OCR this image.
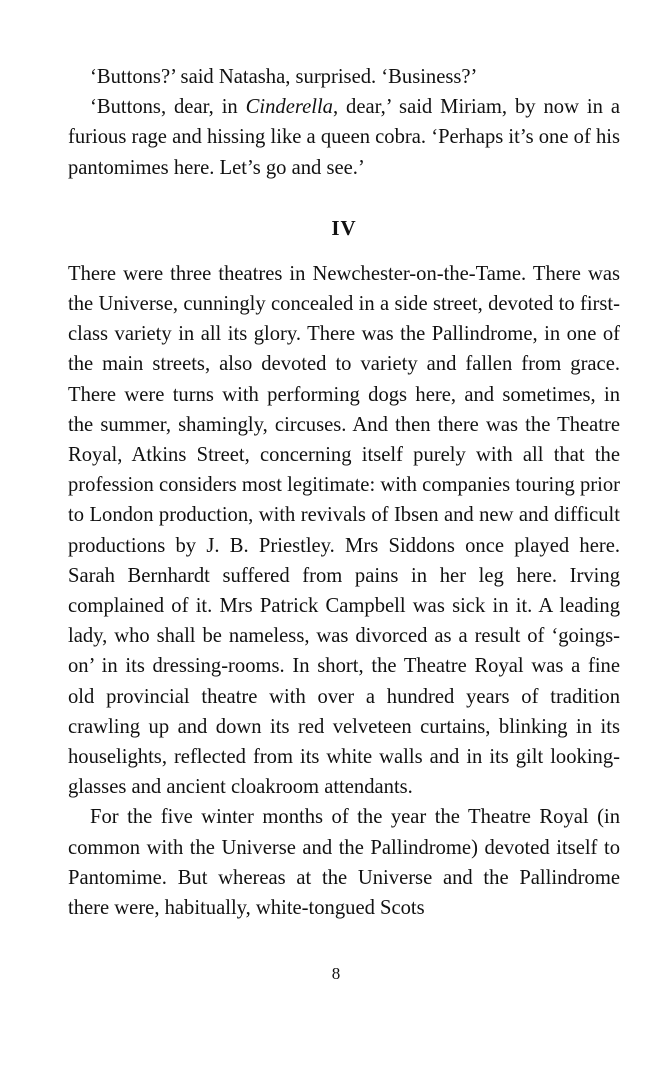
‘Buttons?’ said Natasha, surprised. ‘Business?’

‘Buttons, dear, in Cinderella, dear,’ said Miriam, by now in a furious rage and hissing like a queen cobra. ‘Perhaps it’s one of his pantomimes here. Let’s go and see.’

IV

There were three theatres in Newchester-on-the-Tame. There was the Universe, cunningly concealed in a side street, devoted to first-class variety in all its glory. There was the Pallindrome, in one of the main streets, also devoted to variety and fallen from grace. There were turns with performing dogs here, and sometimes, in the summer, shamingly, circuses. And then there was the Theatre Royal, Atkins Street, concerning itself purely with all that the profession considers most legitimate: with companies touring prior to London production, with revivals of Ibsen and new and difficult productions by J. B. Priestley. Mrs Siddons once played here. Sarah Bernhardt suffered from pains in her leg here. Irving complained of it. Mrs Patrick Campbell was sick in it. A leading lady, who shall be nameless, was divorced as a result of ‘goings-on’ in its dressing-rooms. In short, the Theatre Royal was a fine old provincial theatre with over a hundred years of tradition crawling up and down its red velveteen curtains, blinking in its houselights, reflected from its white walls and in its gilt looking-glasses and ancient cloakroom attendants.

For the five winter months of the year the Theatre Royal (in common with the Universe and the Pallindrome) devoted itself to Pantomime. But whereas at the Universe and the Pallindrome there were, habitually, white-tongued Scots

8
